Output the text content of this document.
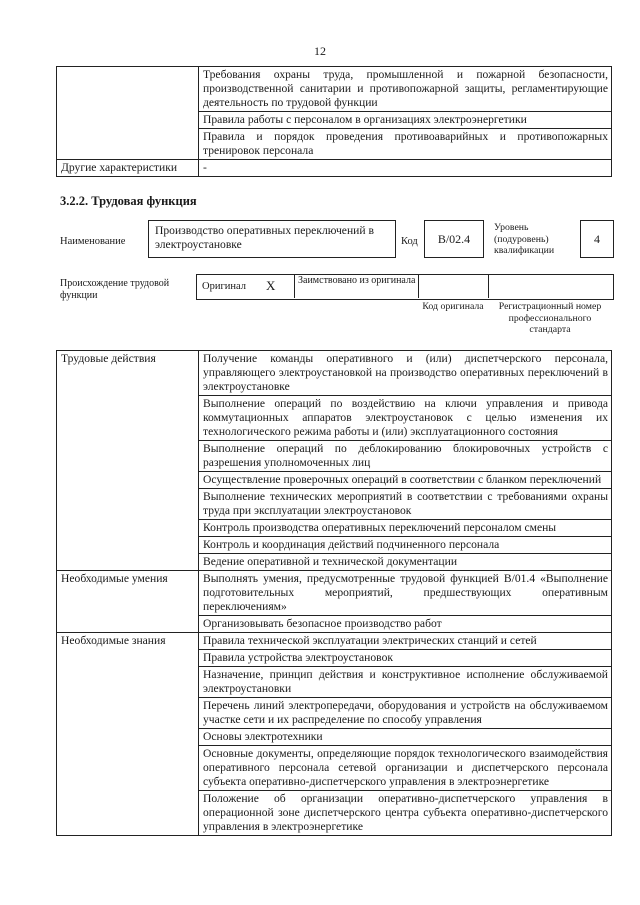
12
	Требования охраны труда, промышленной и пожарной безопасности, производственной санитарии и противопожарной защиты, регламентирующие деятельность по трудовой функции
	Правила работы с персоналом в организациях электроэнергетики
	Правила и порядок проведения противоаварийных и противопожарных тренировок персонала
Другие характеристики	-
3.2.2. Трудовая функция
Наименование
Производство оперативных переключений в электроустановке	Код	B/02.4
Уровень (подуровень) квалификации
4
Происхождение трудовой функции
Оригинал X Заимствовано из оригинала
Код оригинала	Регистрационный номер профессионального стандарта
Трудовые действия	Получение команды оперативного и (или) диспетчерского персонала, управляющего электроустановкой на производство оперативных переключений в электроустановке
	Выполнение операций по воздействию на ключи управления и привода коммутационных аппаратов электроустановок с целью изменения их технологического режима работы и (или) эксплуатационного состояния
	Выполнение операций по деблокированию блокировочных устройств с разрешения уполномоченных лиц
	Осуществление проверочных операций в соответствии с бланком переключений
	Выполнение технических мероприятий в соответствии с требованиями охраны труда при эксплуатации электроустановок
	Контроль производства оперативных переключений персоналом смены
	Контроль и координация действий подчиненного персонала
	Ведение оперативной и технической документации
Необходимые умения	Выполнять умения, предусмотренные трудовой функцией B/01.4 «Выполнение подготовительных мероприятий, предшествующих оперативным переключениям»
	Организовывать безопасное производство работ
Необходимые знания	Правила технической эксплуатации электрических станций и сетей
	Правила устройства электроустановок
	Назначение, принцип действия и конструктивное исполнение обслуживаемой электроустановки
	Перечень линий электропередачи, оборудования и устройств на обслуживаемом участке сети и их распределение по способу управления
	Основы электротехники
	Основные документы, определяющие порядок технологического взаимодействия оперативного персонала сетевой организации и диспетчерского персонала субъекта оперативно-диспетчерского управления в электроэнергетике
	Положение об организации оперативно-диспетчерского управления в операционной зоне диспетчерского центра субъекта оперативно-диспетчерского управления в электроэнергетике
